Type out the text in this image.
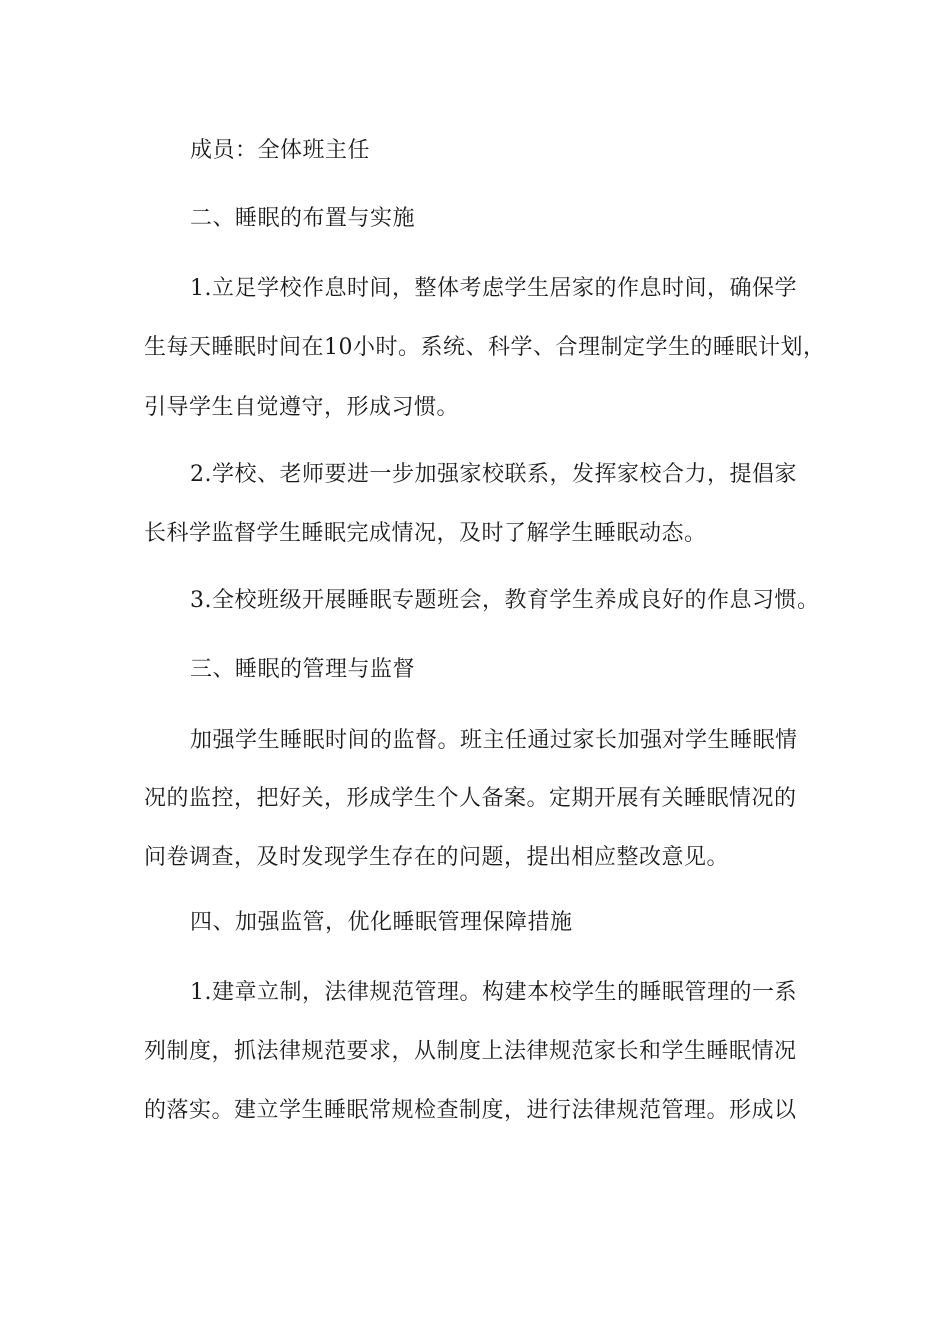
成员：全体班主任
二、睡眠的布置与实施
1.立足学校作息时间，整体考虑学生居家的作息时间，确保学
生每天睡眠时间在10小时。系统、科学、合理制定学生的睡眠计划，
引导学生自觉遵守，形成习惯。
2.学校、老师要进一步加强家校联系，发挥家校合力，提倡家
长科学监督学生睡眠完成情况，及时了解学生睡眠动态。
3.全校班级开展睡眠专题班会，教育学生养成良好的作息习惯。
三、睡眠的管理与监督
加强学生睡眠时间的监督。班主任通过家长加强对学生睡眠情
况的监控，把好关，形成学生个人备案。定期开展有关睡眠情况的
问卷调查，及时发现学生存在的问题，提出相应整改意见。
四、加强监管，优化睡眠管理保障措施
1.建章立制，法律规范管理。构建本校学生的睡眠管理的一系
列制度，抓法律规范要求，从制度上法律规范家长和学生睡眠情况
的落实。建立学生睡眠常规检查制度，进行法律规范管理。形成以
